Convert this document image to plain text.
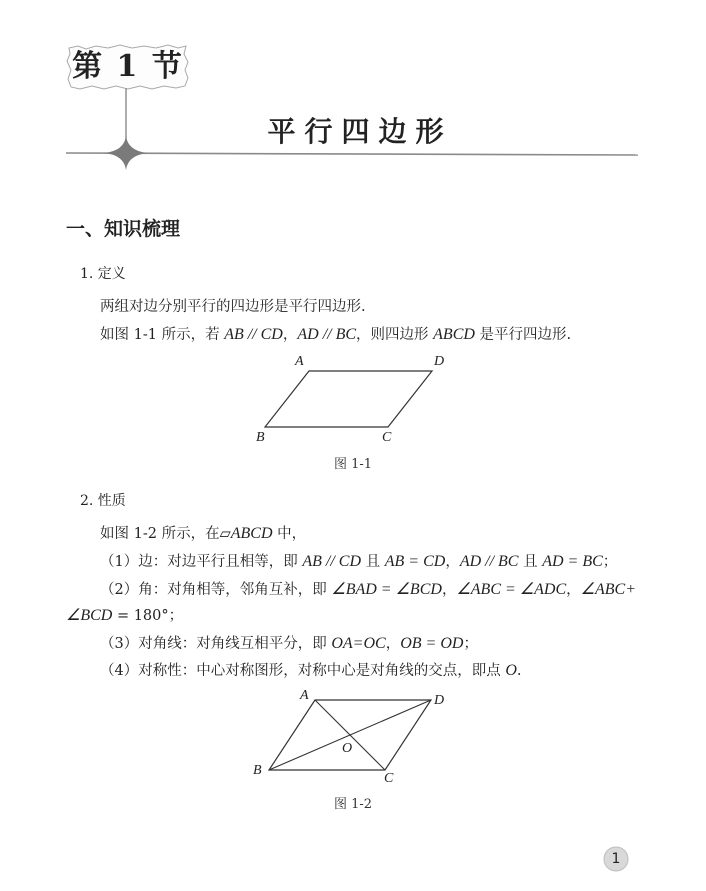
第 1 节
平行四边形
一、知识梳理
1. 定义
两组对边分别平行的四边形是平行四边形.
如图 1-1 所示，若 AB // CD，AD // BC，则四边形 ABCD 是平行四边形.
A	D
B	C
图 1-1
2. 性质
如图 1-2 所示，在▱ABCD 中，
（1）边：对边平行且相等，即 AB // CD 且 AB = CD，AD // BC 且 AD = BC；
（2）角：对角相等，邻角互补，即 ∠BAD = ∠BCD，∠ABC = ∠ADC，∠ABC+
∠BCD = 180°；
（3）对角线：对角线互相平分，即 OA=OC，OB = OD；
（4）对称性：中心对称图形，对称中心是对角线的交点，即点 O.
A	D
B
C
O
图 1-2
1
